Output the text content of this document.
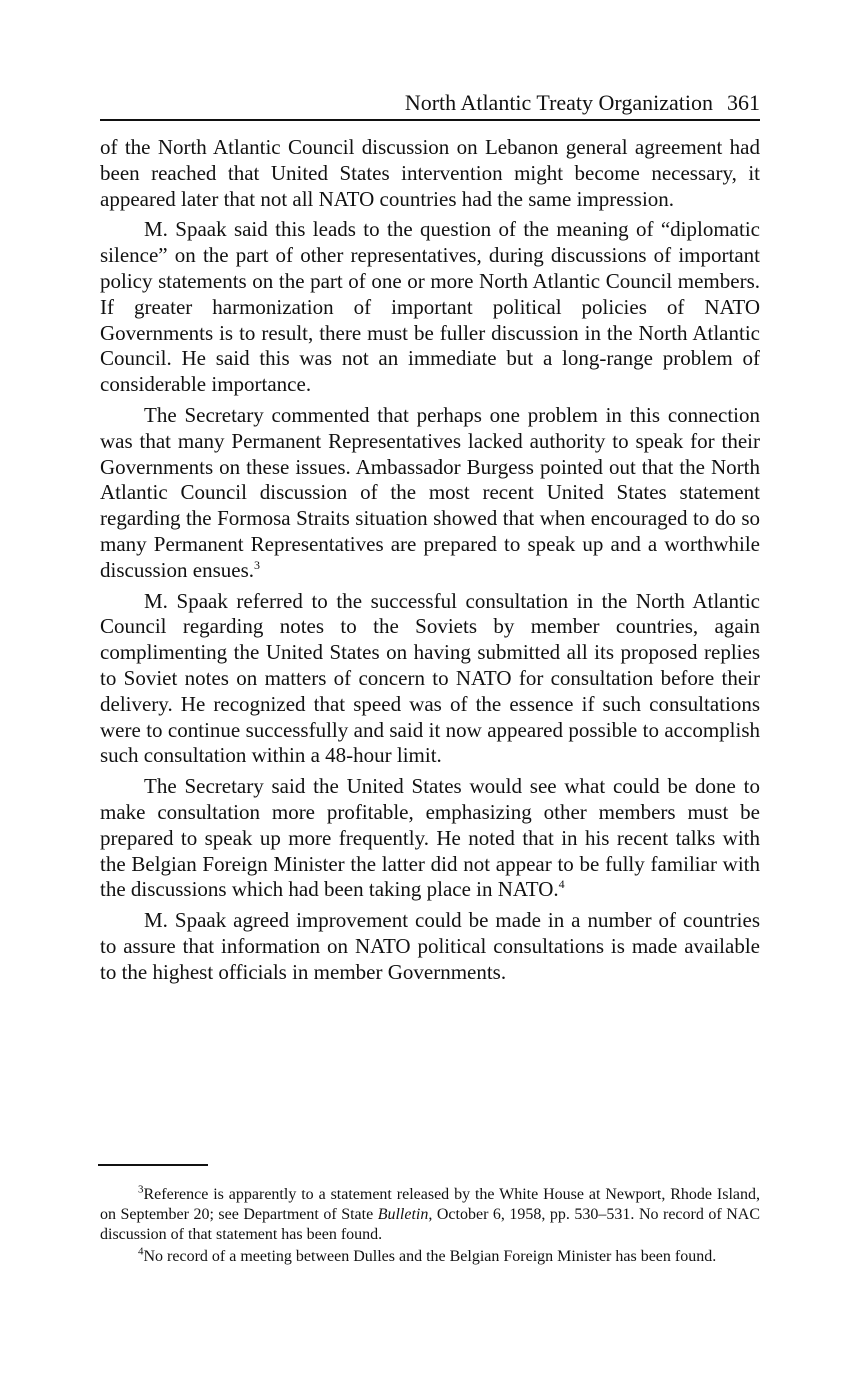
North Atlantic Treaty Organization 361

of the North Atlantic Council discussion on Lebanon general agreement had been reached that United States intervention might become necessary, it appeared later that not all NATO countries had the same impression.

M. Spaak said this leads to the question of the meaning of “diplomatic silence” on the part of other representatives, during discussions of important policy statements on the part of one or more North Atlantic Council members. If greater harmonization of important political policies of NATO Governments is to result, there must be fuller discussion in the North Atlantic Council. He said this was not an immediate but a long-range problem of considerable importance.

The Secretary commented that perhaps one problem in this connection was that many Permanent Representatives lacked authority to speak for their Governments on these issues. Ambassador Burgess pointed out that the North Atlantic Council discussion of the most recent United States statement regarding the Formosa Straits situation showed that when encouraged to do so many Permanent Representatives are prepared to speak up and a worthwhile discussion ensues.$^3$

M. Spaak referred to the successful consultation in the North Atlantic Council regarding notes to the Soviets by member countries, again complimenting the United States on having submitted all its proposed replies to Soviet notes on matters of concern to NATO for consultation before their delivery. He recognized that speed was of the essence if such consultations were to continue successfully and said it now appeared possible to accomplish such consultation within a 48-hour limit.

The Secretary said the United States would see what could be done to make consultation more profitable, emphasizing other members must be prepared to speak up more frequently. He noted that in his recent talks with the Belgian Foreign Minister the latter did not appear to be fully familiar with the discussions which had been taking place in NATO.$^4$

M. Spaak agreed improvement could be made in a number of countries to assure that information on NATO political consultations is made available to the highest officials in member Governments.

$^3$Reference is apparently to a statement released by the White House at Newport, Rhode Island, on September 20; see Department of State Bulletin, October 6, 1958, pp. 530–531. No record of NAC discussion of that statement has been found.

$^4$No record of a meeting between Dulles and the Belgian Foreign Minister has been found.
